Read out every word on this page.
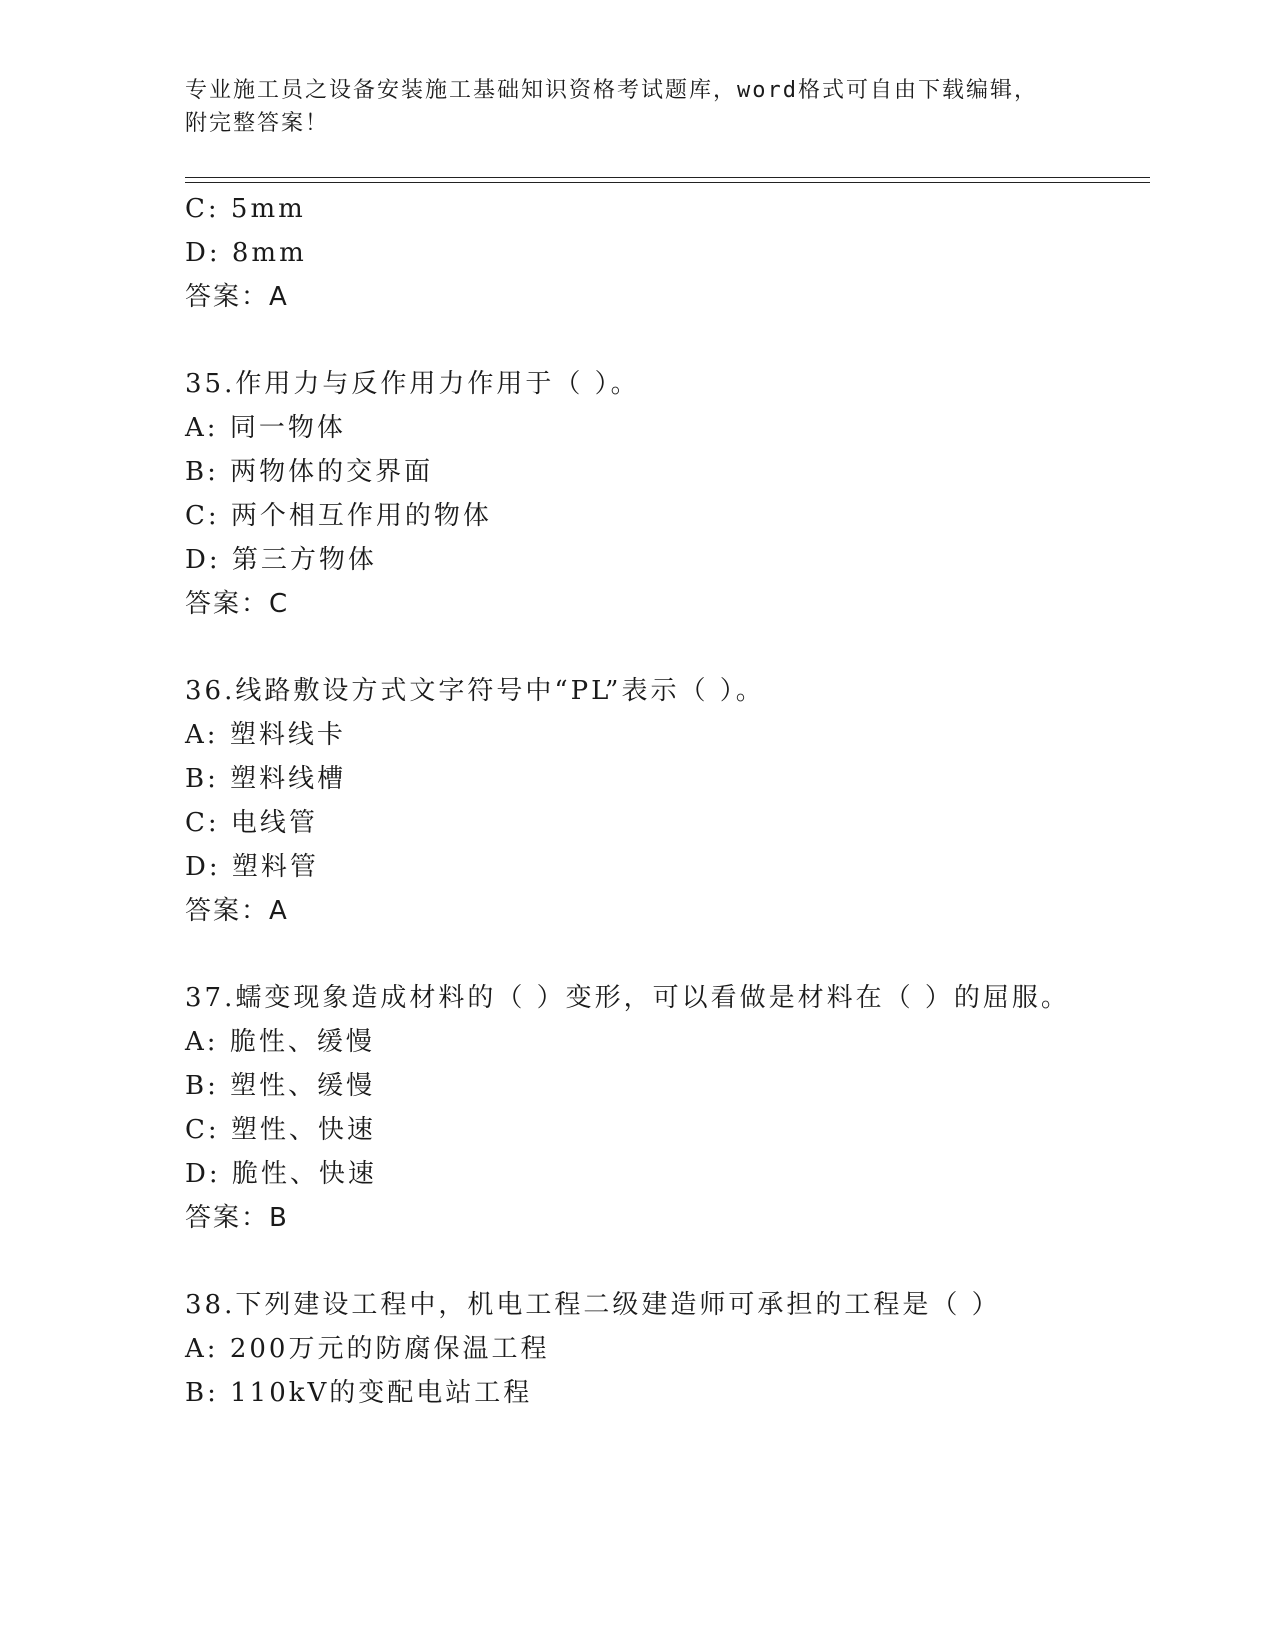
专业施工员之设备安装施工基础知识资格考试题库，word格式可自由下载编辑，
附完整答案！
C: 5mm
D: 8mm
答案：A
35.作用力与反作用力作用于（ ）。
A: 同一物体
B: 两物体的交界面
C: 两个相互作用的物体
D: 第三方物体
答案：C
36.线路敷设方式文字符号中“PL”表示（ ）。
A: 塑料线卡
B: 塑料线槽
C: 电线管
D: 塑料管
答案：A
37.蠕变现象造成材料的（ ）变形，可以看做是材料在（ ）的屈服。
A: 脆性、缓慢
B: 塑性、缓慢
C: 塑性、快速
D: 脆性、快速
答案：B
38.下列建设工程中，机电工程二级建造师可承担的工程是（ ）
A: 200万元的防腐保温工程
B: 110kV的变配电站工程
